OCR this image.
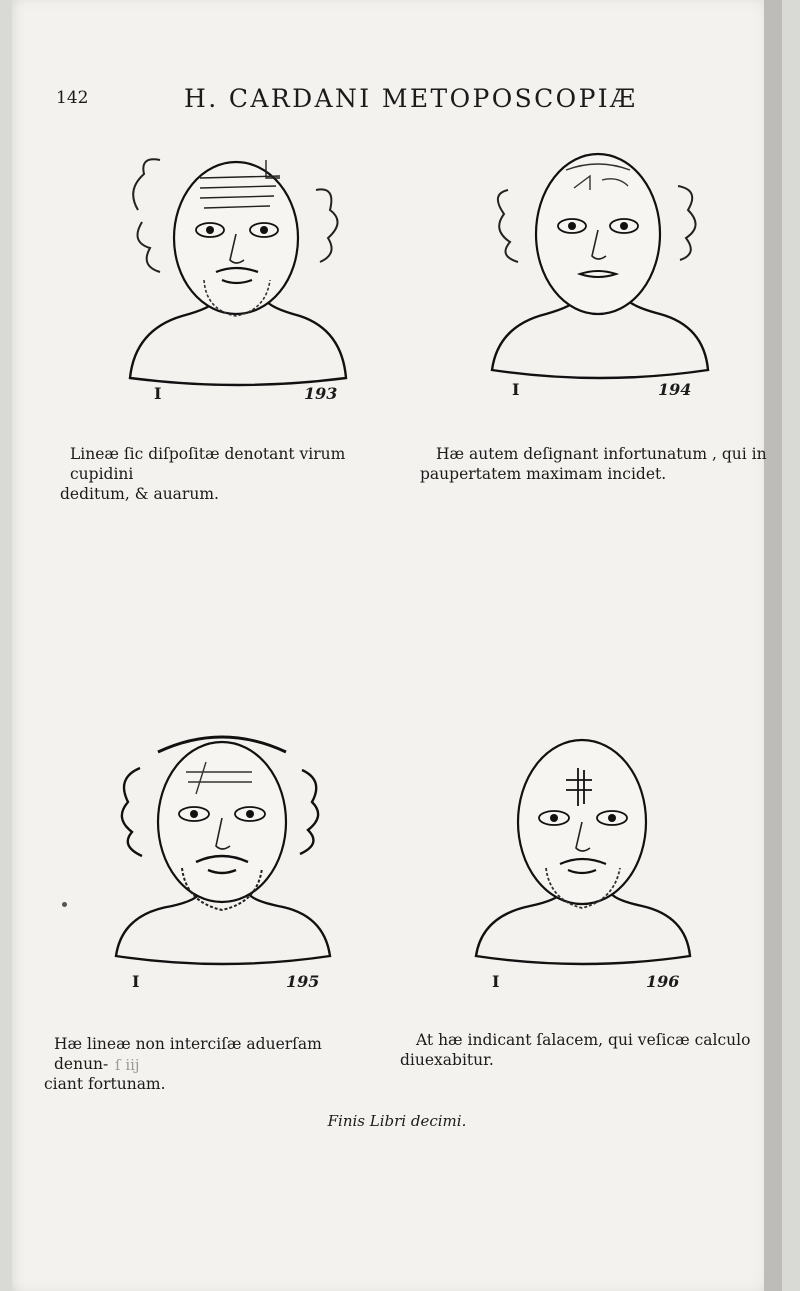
142	H. CARDANI METOPOSCOPIÆ
I	193	I	194
Lineæ ſic diſpoſitæ denotant virum cupidini
deditum, & auarum.
Hæ autem deſignant infortunatum , qui in
paupertatem maximam incidet.
I	195	I	196
Hæ lineæ non interciſæ aduerſam denun-
ciant fortunam.
At hæ indicant ſalacem, qui veſicæ calculo
diuexabitur.
Finis Libri decimi.
ſ iij
